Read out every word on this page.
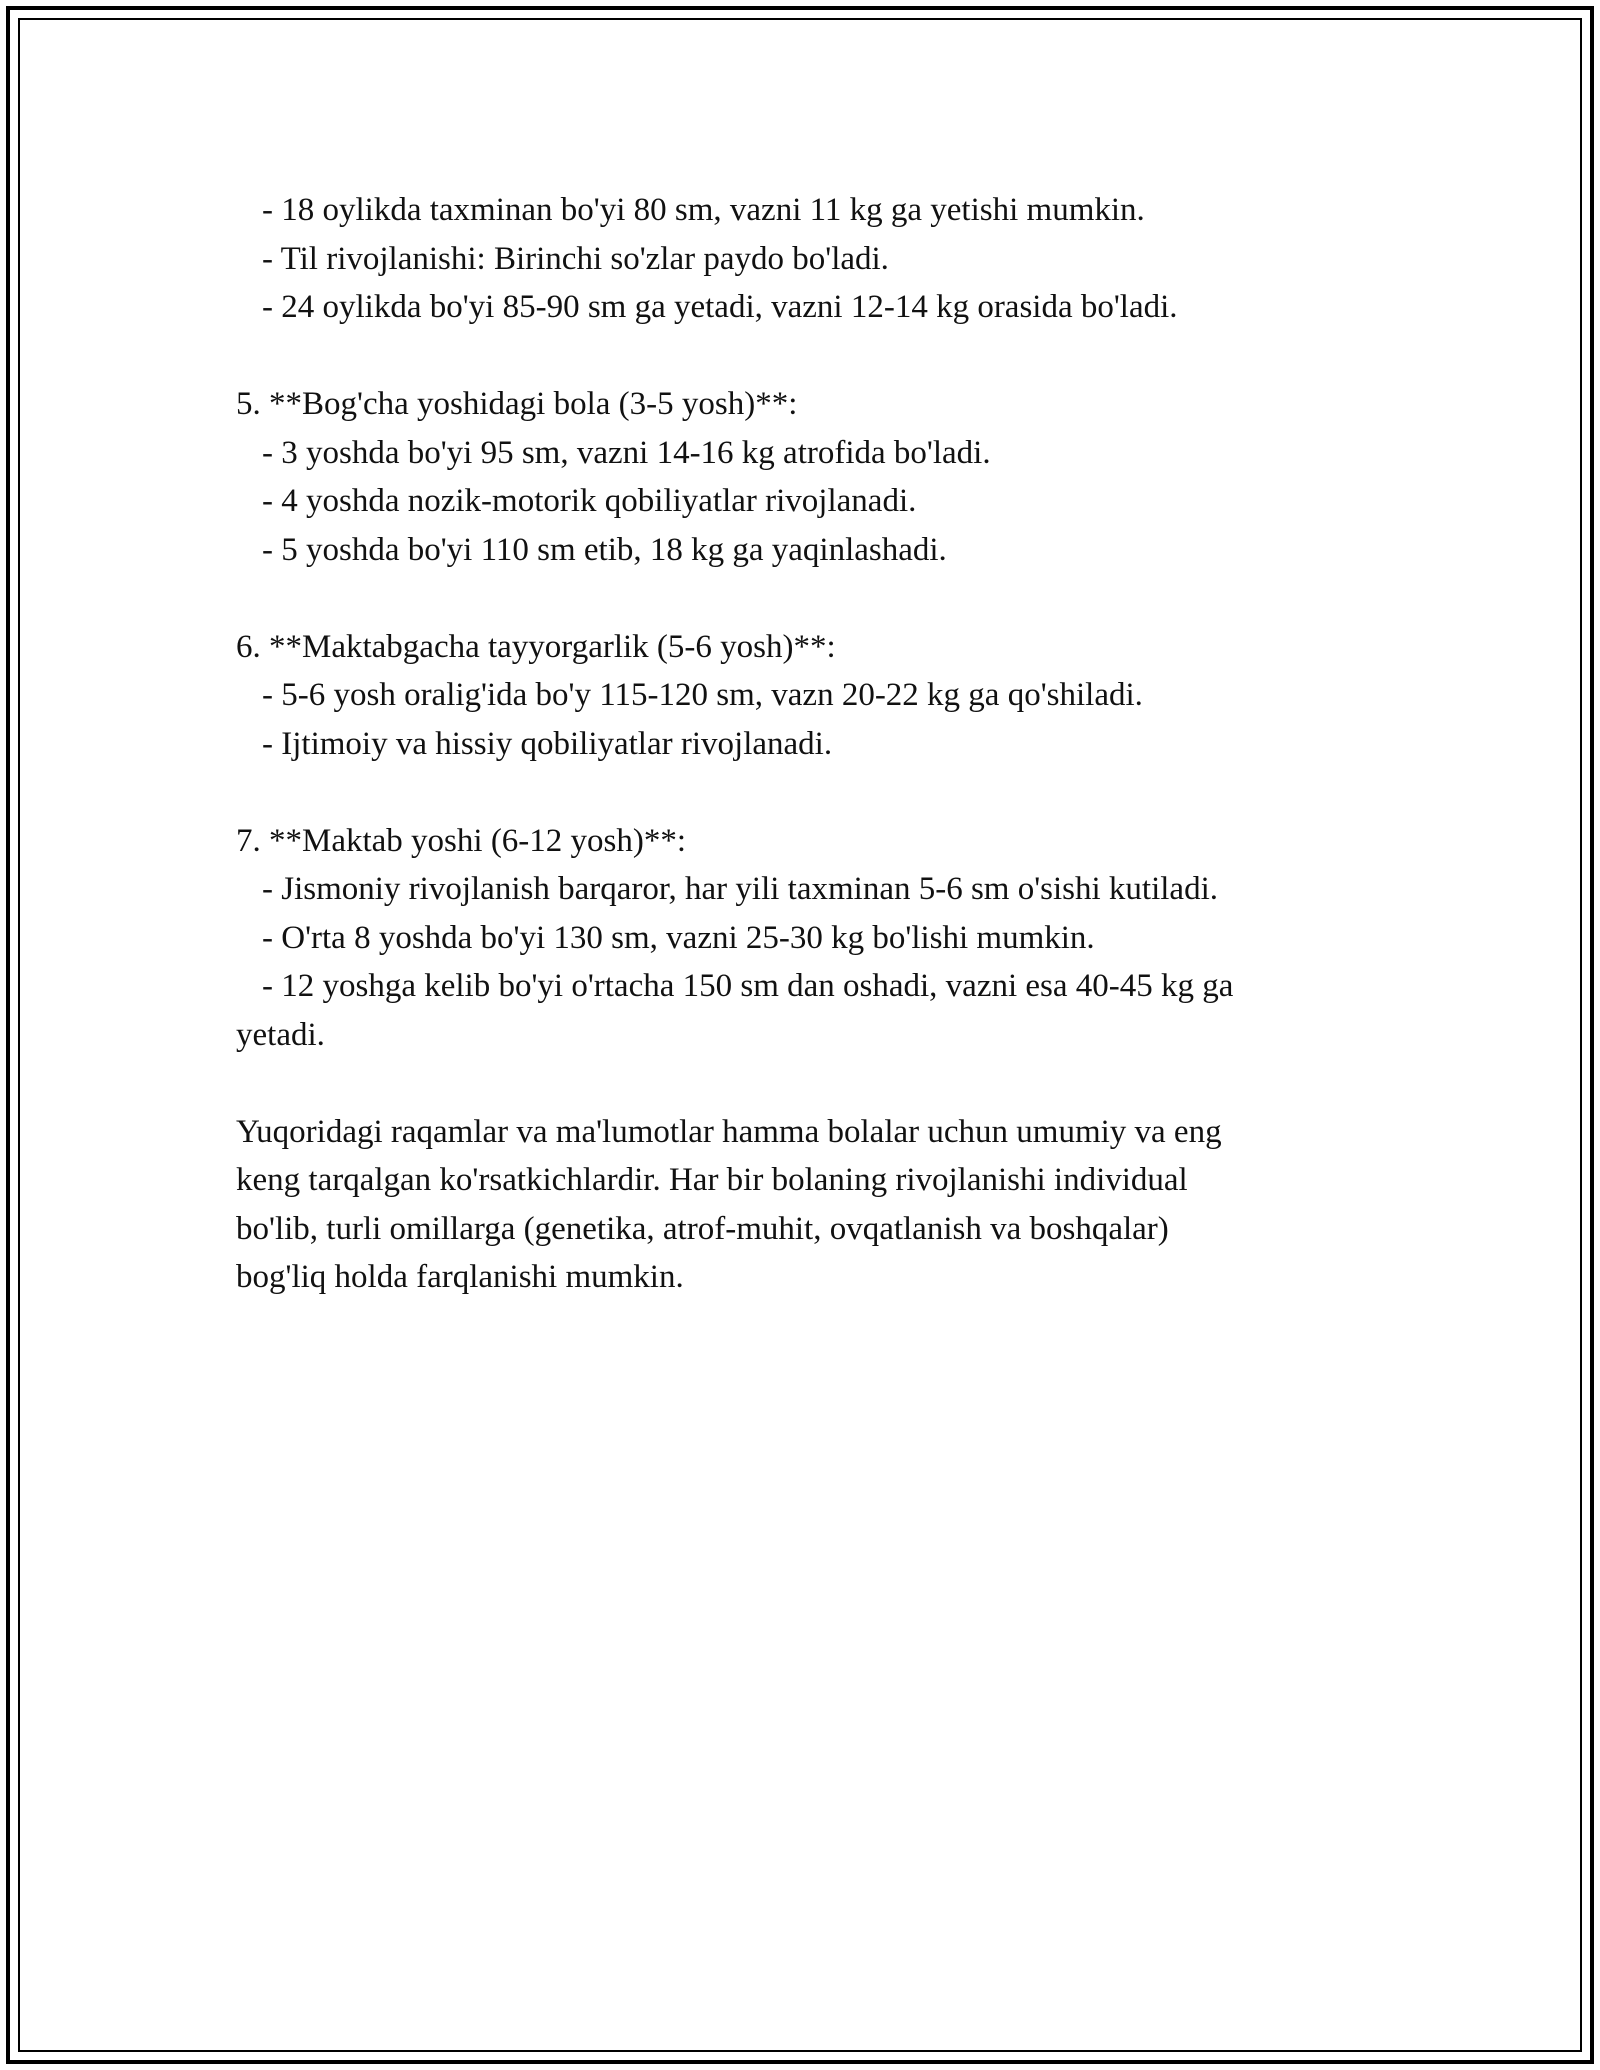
- 18 oylikda taxminan bo'yi 80 sm, vazni 11 kg ga yetishi mumkin.

- Til rivojlanishi: Birinchi so'zlar paydo bo'ladi.

- 24 oylikda bo'yi 85-90 sm ga yetadi, vazni 12-14 kg orasida bo'ladi.

5. **Bog'cha yoshidagi bola (3-5 yosh)**:

- 3 yoshda bo'yi 95 sm, vazni 14-16 kg atrofida bo'ladi.

- 4 yoshda nozik-motorik qobiliyatlar rivojlanadi.

- 5 yoshda bo'yi 110 sm etib, 18 kg ga yaqinlashadi.

6. **Maktabgacha tayyorgarlik (5-6 yosh)**:

- 5-6 yosh oralig'ida bo'y 115-120 sm, vazn 20-22 kg ga qo'shiladi.

- Ijtimoiy va hissiy qobiliyatlar rivojlanadi.

7. **Maktab yoshi (6-12 yosh)**:

- Jismoniy rivojlanish barqaror, har yili taxminan 5-6 sm o'sishi kutiladi.

- O'rta 8 yoshda bo'yi 130 sm, vazni 25-30 kg bo'lishi mumkin.

- 12 yoshga kelib bo'yi o'rtacha 150 sm dan oshadi, vazni esa 40-45 kg ga

yetadi.

Yuqoridagi raqamlar va ma'lumotlar hamma bolalar uchun umumiy va eng

keng tarqalgan ko'rsatkichlardir. Har bir bolaning rivojlanishi individual

bo'lib, turli omillarga (genetika, atrof-muhit, ovqatlanish va boshqalar)

bog'liq holda farqlanishi mumkin.
